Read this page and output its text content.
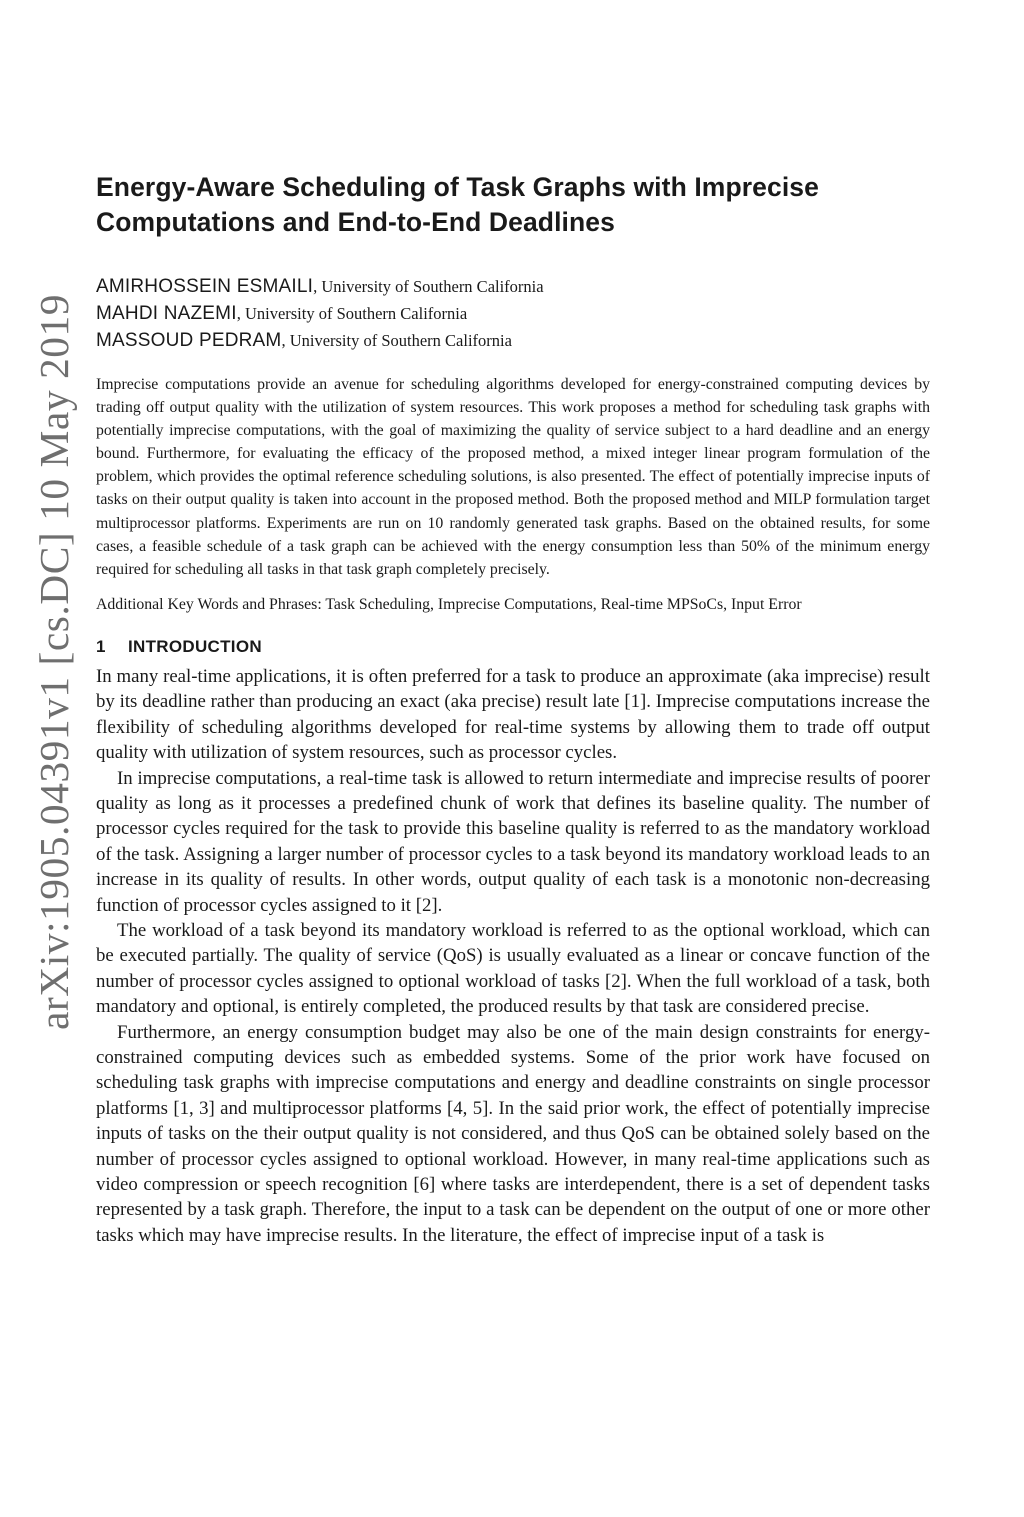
arXiv:1905.04391v1 [cs.DC] 10 May 2019
Energy-Aware Scheduling of Task Graphs with Imprecise Computations and End-to-End Deadlines
AMIRHOSSEIN ESMAILI, University of Southern California
MAHDI NAZEMI, University of Southern California
MASSOUD PEDRAM, University of Southern California

Imprecise computations provide an avenue for scheduling algorithms developed for energy-constrained computing devices by trading off output quality with the utilization of system resources. This work proposes a method for scheduling task graphs with potentially imprecise computations, with the goal of maximizing the quality of service subject to a hard deadline and an energy bound. Furthermore, for evaluating the efficacy of the proposed method, a mixed integer linear program formulation of the problem, which provides the optimal reference scheduling solutions, is also presented. The effect of potentially imprecise inputs of tasks on their output quality is taken into account in the proposed method. Both the proposed method and MILP formulation target multiprocessor platforms. Experiments are run on 10 randomly generated task graphs. Based on the obtained results, for some cases, a feasible schedule of a task graph can be achieved with the energy consumption less than 50% of the minimum energy required for scheduling all tasks in that task graph completely precisely.

Additional Key Words and Phrases: Task Scheduling, Imprecise Computations, Real-time MPSoCs, Input Error

1 INTRODUCTION

In many real-time applications, it is often preferred for a task to produce an approximate (aka imprecise) result by its deadline rather than producing an exact (aka precise) result late [1]. Imprecise computations increase the flexibility of scheduling algorithms developed for real-time systems by allowing them to trade off output quality with utilization of system resources, such as processor cycles.

In imprecise computations, a real-time task is allowed to return intermediate and imprecise results of poorer quality as long as it processes a predefined chunk of work that defines its baseline quality. The number of processor cycles required for the task to provide this baseline quality is referred to as the mandatory workload of the task. Assigning a larger number of processor cycles to a task beyond its mandatory workload leads to an increase in its quality of results. In other words, output quality of each task is a monotonic non-decreasing function of processor cycles assigned to it [2].

The workload of a task beyond its mandatory workload is referred to as the optional workload, which can be executed partially. The quality of service (QoS) is usually evaluated as a linear or concave function of the number of processor cycles assigned to optional workload of tasks [2]. When the full workload of a task, both mandatory and optional, is entirely completed, the produced results by that task are considered precise.

Furthermore, an energy consumption budget may also be one of the main design constraints for energy-constrained computing devices such as embedded systems. Some of the prior work have focused on scheduling task graphs with imprecise computations and energy and deadline constraints on single processor platforms [1, 3] and multiprocessor platforms [4, 5]. In the said prior work, the effect of potentially imprecise inputs of tasks on the their output quality is not considered, and thus QoS can be obtained solely based on the number of processor cycles assigned to optional workload. However, in many real-time applications such as video compression or speech recognition [6] where tasks are interdependent, there is a set of dependent tasks represented by a task graph. Therefore, the input to a task can be dependent on the output of one or more other tasks which may have imprecise results. In the literature, the effect of imprecise input of a task is
